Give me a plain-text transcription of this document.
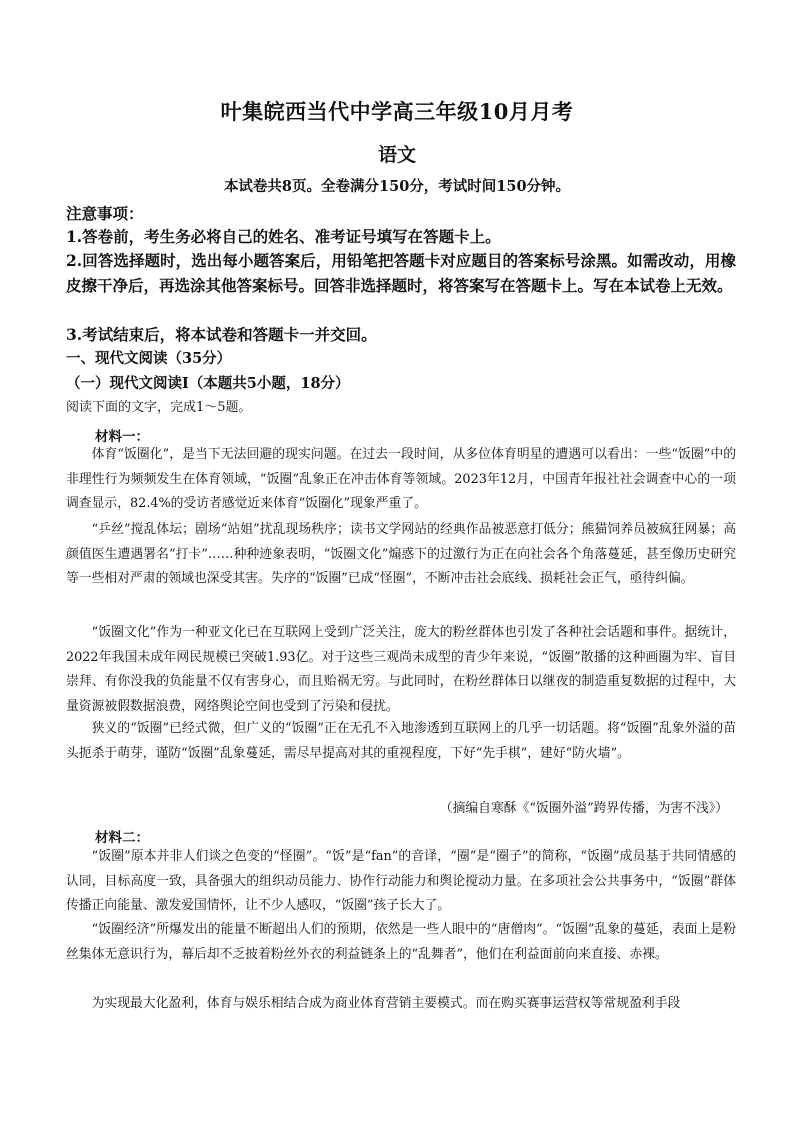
叶集皖西当代中学高三年级10月月考
语文
本试卷共8页。全卷满分150分，考试时间150分钟。
注意事项：
1.答卷前，考生务必将自己的姓名、准考证号填写在答题卡上。
2.回答选择题时，选出每小题答案后，用铅笔把答题卡对应题目的答案标号涂黑。如需改动，用橡皮擦干净后，再选涂其他答案标号。回答非选择题时，将答案写在答题卡上。写在本试卷上无效。
3.考试结束后，将本试卷和答题卡一并交回。
一、现代文阅读（35分）
（一）现代文阅读Ⅰ（本题共5小题，18分）
阅读下面的文字，完成1～5题。
材料一：

体育“饭圈化”，是当下无法回避的现实问题。在过去一段时间，从多位体育明星的遭遇可以看出：一些“饭圈”中的非理性行为频频发生在体育领域，“饭圈”乱象正在冲击体育等领域。2023年12月，中国青年报社社会调查中心的一项调查显示，82.4%的受访者感觉近来体育“饭圈化”现象严重了。

“乒丝”搅乱体坛；剧场“站姐”扰乱现场秩序；读书文学网站的经典作品被恶意打低分；熊猫饲养员被疯狂网暴；高颜值医生遭遇署名“打卡”……种种迹象表明，“饭圈文化”煽惑下的过激行为正在向社会各个角落蔓延，甚至像历史研究等一些相对严肃的领域也深受其害。失序的“饭圈”已成“怪圈”，不断冲击社会底线、损耗社会正气，亟待纠偏。

“饭圈文化”作为一种亚文化已在互联网上受到广泛关注，庞大的粉丝群体也引发了各种社会话题和事件。据统计，2022年我国未成年网民规模已突破1.93亿。对于这些三观尚未成型的青少年来说，“饭圈”散播的这种画圈为牢、盲目崇拜、有你没我的负能量不仅有害身心，而且贻祸无穷。与此同时，在粉丝群体日以继夜的制造重复数据的过程中，大量资源被假数据浪费，网络舆论空间也受到了污染和侵扰。

狭义的“饭圈”已经式微，但广义的“饭圈”正在无孔不入地渗透到互联网上的几乎一切话题。将“饭圈”乱象外溢的苗头扼杀于萌芽，谨防“饭圈”乱象蔓延，需尽早提高对其的重视程度，下好“先手棋”，建好“防火墙”。

（摘编自寒酥《“饭圈外溢”跨界传播，为害不浅》）
材料二：

“饭圈”原本并非人们谈之色变的“怪圈”。“饭”是“fan”的音译，“圈”是“圈子”的简称，“饭圈”成员基于共同情感的认同，目标高度一致，具备强大的组织动员能力、协作行动能力和舆论搅动力量。在多项社会公共事务中，“饭圈”群体传播正向能量、激发爱国情怀，让不少人感叹，“饭圈”孩子长大了。

“饭圈经济”所爆发出的能量不断超出人们的预期，依然是一些人眼中的“唐僧肉”。“饭圈”乱象的蔓延，表面上是粉丝集体无意识行为，幕后却不乏披着粉丝外衣的利益链条上的“乱舞者”，他们在利益面前向来直接、赤裸。

为实现最大化盈利，体育与娱乐相结合成为商业体育营销主要模式。而在购买赛事运营权等常规盈利手段
